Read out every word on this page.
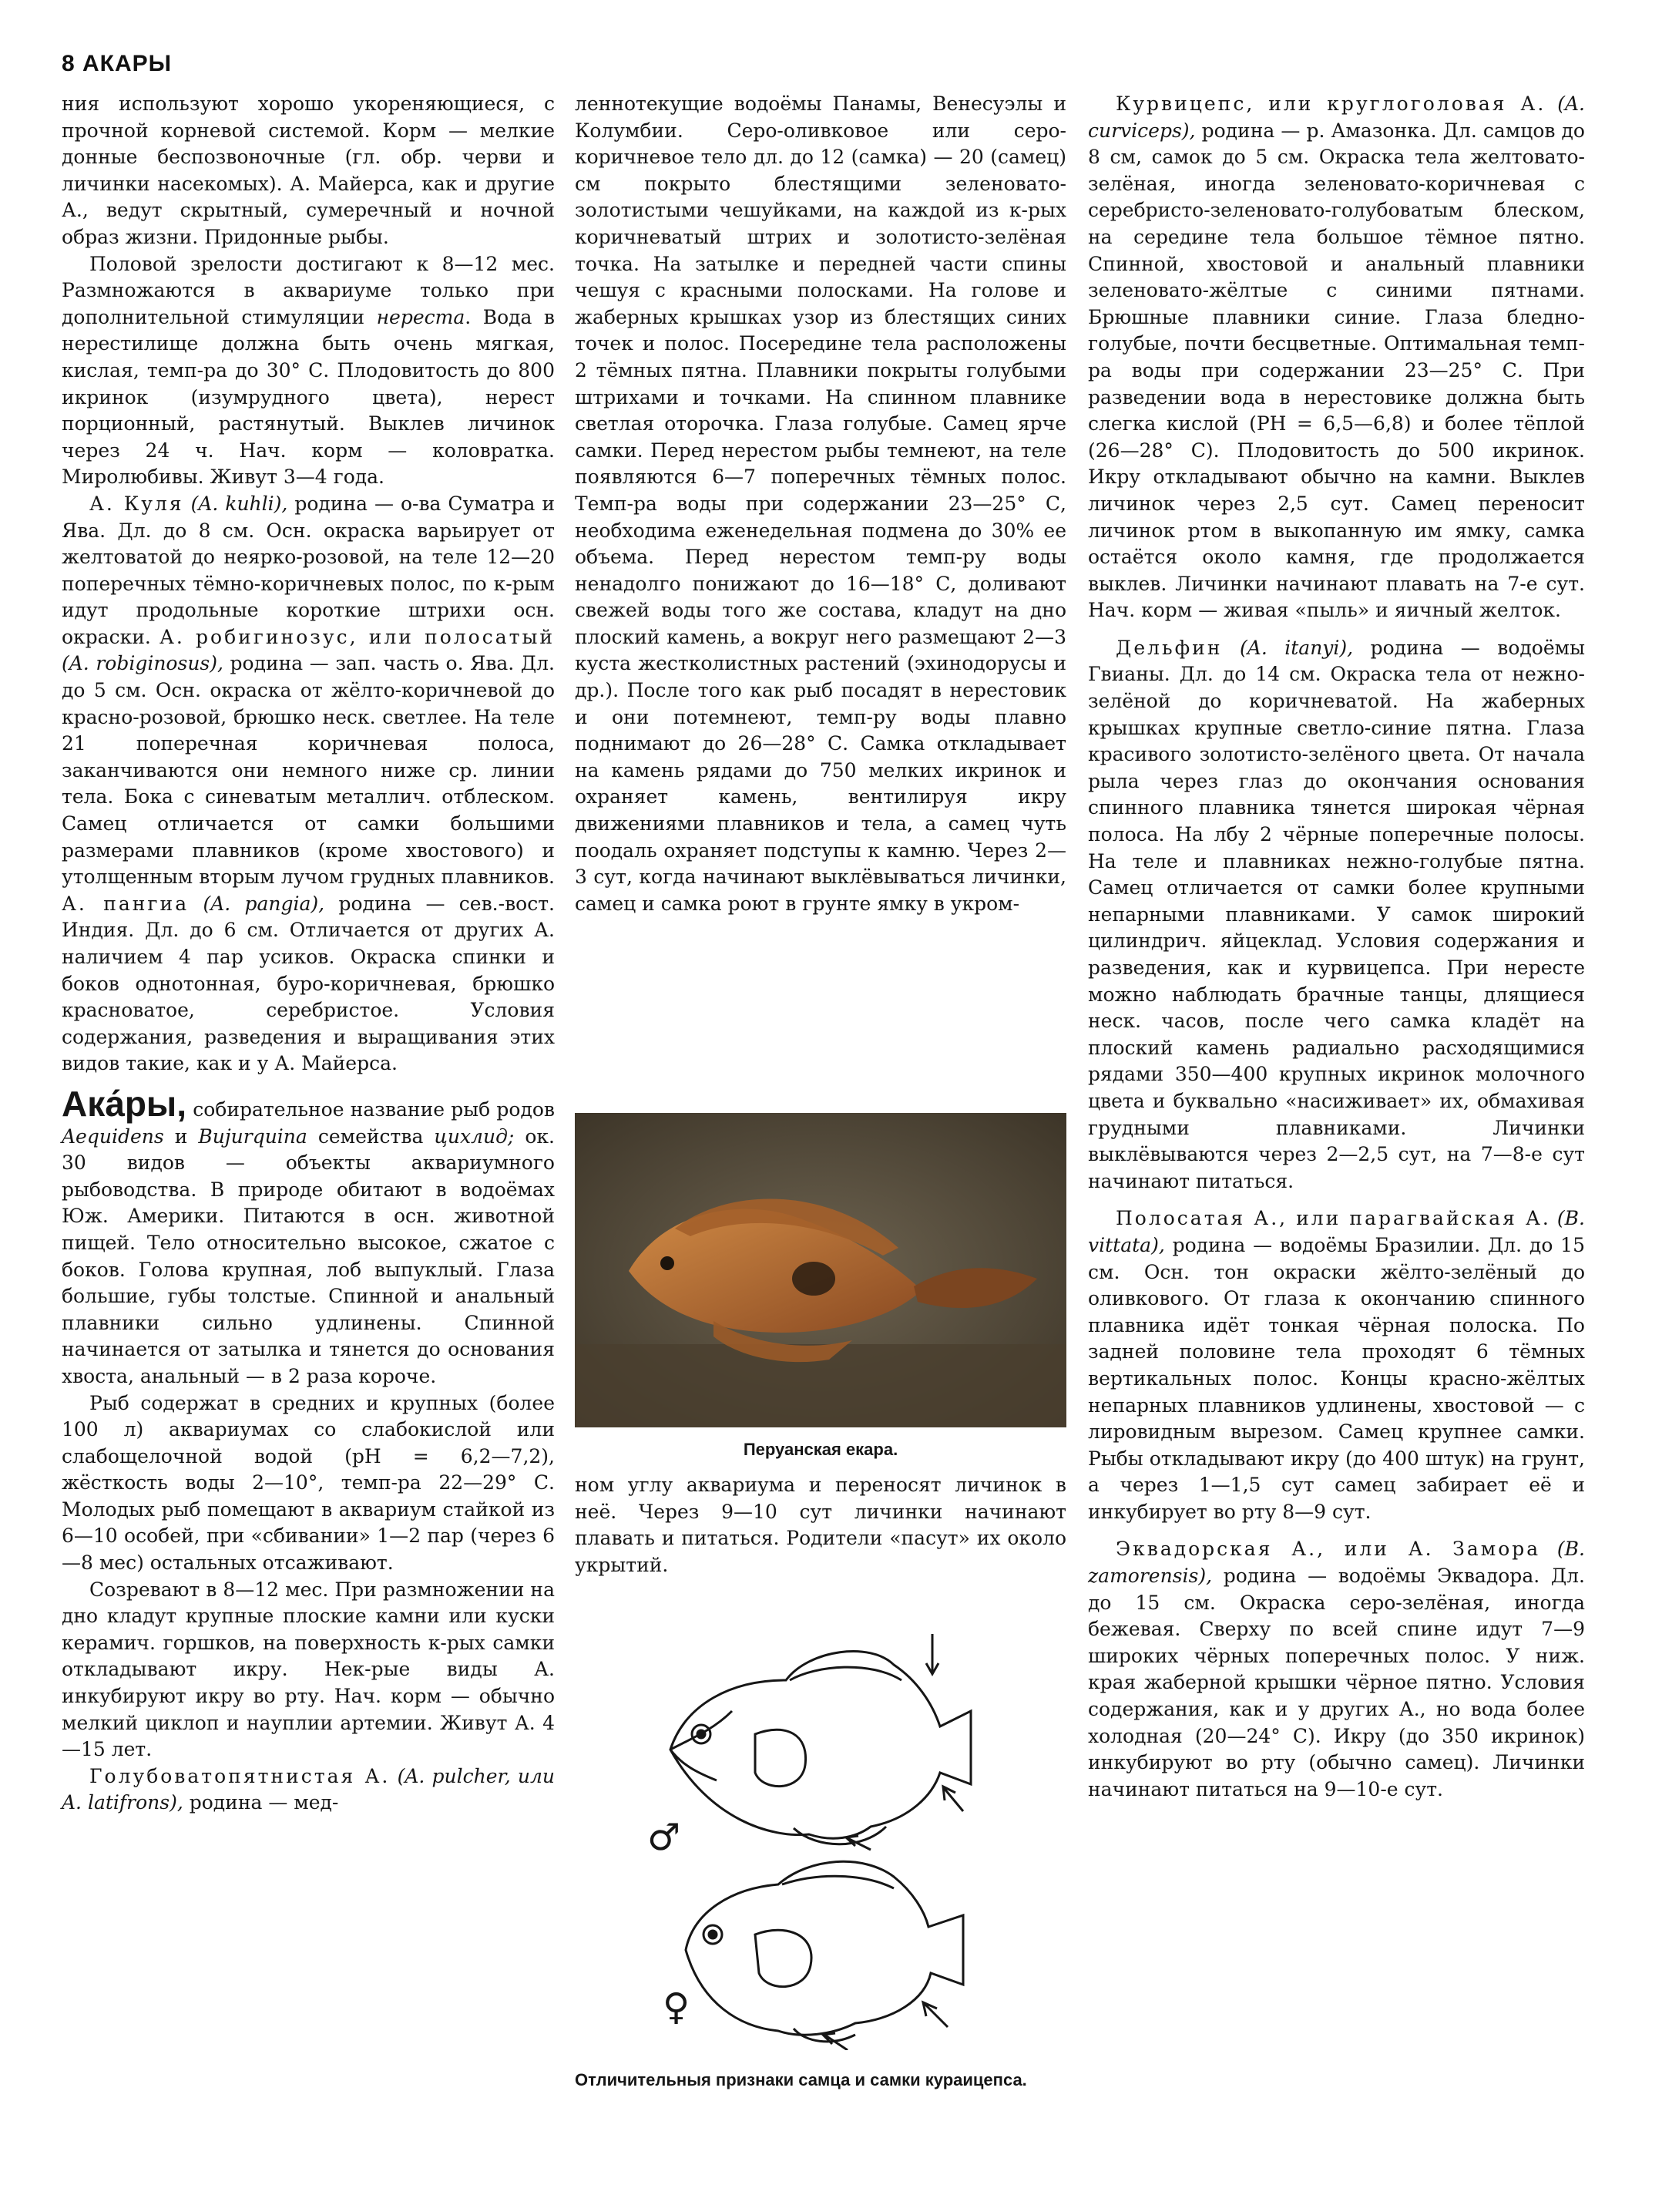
8 АКАРЫ

ния используют хорошо укореняющиеся, с прочной корневой системой. Корм — мелкие донные беспозвоночные (гл. обр. черви и личинки насекомых). А. Майерса, как и другие А., ведут скрытный, сумеречный и ночной образ жизни. Придонные рыбы.

Половой зрелости достигают к 8—12 мес. Размножаются в аквариуме только при дополнительной стимуляции нереста. Вода в нерестилище должна быть очень мягкая, кислая, темп-ра до 30° С. Плодовитость до 800 икринок (изумрудного цвета), нерест порционный, растянутый. Выклев личинок через 24 ч. Нач. корм — коловратка. Миролюбивы. Живут 3—4 года.

А. Куля (A. kuhli), родина — о-ва Суматра и Ява. Дл. до 8 см. Осн. окраска варьирует от желтоватой до неярко-розовой, на теле 12—20 поперечных тёмно-коричневых полос, по к-рым идут продольные короткие штрихи осн. окраски. А. робигинозус, или полосатый (A. robiginosus), родина — зап. часть о. Ява. Дл. до 5 см. Осн. окраска от жёлто-коричневой до красно-розовой, брюшко неск. светлее. На теле 21 поперечная коричневая полоса, заканчиваются они немного ниже ср. линии тела. Бока с синеватым металлич. отблеском. Самец отличается от самки большими размерами плавников (кроме хвостового) и утолщенным вторым лучом грудных плавников. А. пангиа (A. pangia), родина — сев.-вост. Индия. Дл. до 6 см. Отличается от других А. наличием 4 пар усиков. Окраска спинки и боков однотонная, буро-коричневая, брюшко красноватое, серебристое. Условия содержания, разведения и выращивания этих видов такие, как и у А. Майерса.

Ака́ры, собирательное название рыб родов Aequidens и Bujurquina семейства цихлид; ок. 30 видов — объекты аквариумного рыбоводства. В природе обитают в водоёмах Юж. Америки. Питаются в осн. животной пищей. Тело относительно высокое, сжатое с боков. Голова крупная, лоб выпуклый. Глаза большие, губы толстые. Спинной и анальный плавники сильно удлинены. Спинной начинается от затылка и тянется до основания хвоста, анальный — в 2 раза короче.

Рыб содержат в средних и крупных (более 100 л) аквариумах со слабокислой или слабощелочной водой (pH = 6,2—7,2), жёсткость воды 2—10°, темп-ра 22—29° С. Молодых рыб помещают в аквариум стайкой из 6—10 особей, при «сбивании» 1—2 пар (через 6—8 мес) остальных отсаживают.

Созревают в 8—12 мес. При размножении на дно кладут крупные плоские камни или куски керамич. горшков, на поверхность к-рых самки откладывают икру. Нек-рые виды А. инкубируют икру во рту. Нач. корм — обычно мелкий циклоп и науплии артемии. Живут А. 4—15 лет.

Голубоватопятнистая А. (A. pulcher, или A. latifrons), родина — мед-

леннотекущие водоёмы Панамы, Венесуэлы и Колумбии. Серо-оливковое или серо-коричневое тело дл. до 12 (самка) — 20 (самец) см покрыто блестящими зеленовато-золотистыми чешуйками, на каждой из к-рых коричневатый штрих и золотисто-зелёная точка. На затылке и передней части спины чешуя с красными полосками. На голове и жаберных крышках узор из блестящих синих точек и полос. Посередине тела расположены 2 тёмных пятна. Плавники покрыты голубыми штрихами и точками. На спинном плавнике светлая оторочка. Глаза голубые. Самец ярче самки. Перед нерестом рыбы темнеют, на теле появляются 6—7 поперечных тёмных полос. Темп-ра воды при содержании 23—25° С, необходима еженедельная подмена до 30% ее объема. Перед нерестом темп-ру воды ненадолго понижают до 16—18° С, доливают свежей воды того же состава, кладут на дно плоский камень, а вокруг него размещают 2—3 куста жестколистных растений (эхинодорусы и др.). После того как рыб посадят в нерестовик и они потемнеют, темп-ру воды плавно поднимают до 26—28° С. Самка откладывает на камень рядами до 750 мелких икринок и охраняет камень, вентилируя икру движениями плавников и тела, а самец чуть поодаль охраняет подступы к камню. Через 2—3 сут, когда начинают выклёвываться личинки, самец и самка роют в грунте ямку в укром-

Перуанская екара.

ном углу аквариума и переносят личинок в неё. Через 9—10 сут личинки начинают плавать и питаться. Родители «пасут» их около укрытий.

♂
♀
Отличительныя признаки самца и самки кураицепса.

Курвицепс, или круглоголовая А. (A. curviceps), родина — р. Амазонка. Дл. самцов до 8 см, самок до 5 см. Окраска тела желтовато-зелёная, иногда зеленовато-коричневая с серебристо-зеленовато-голубоватым блеском, на середине тела большое тёмное пятно. Спинной, хвостовой и анальный плавники зеленовато-жёлтые с синими пятнами. Брюшные плавники синие. Глаза бледно-голубые, почти бесцветные. Оптимальная темп-ра воды при содержании 23—25° С. При разведении вода в нерестовике должна быть слегка кислой (PH = 6,5—6,8) и более тёплой (26—28° С). Плодовитость до 500 икринок. Икру откладывают обычно на камни. Выклев личинок через 2,5 сут. Самец переносит личинок ртом в выкопанную им ямку, самка остаётся около камня, где продолжается выклев. Личинки начинают плавать на 7-е сут. Нач. корм — живая «пыль» и яичный желток.

Дельфин (A. itanyi), родина — водоёмы Гвианы. Дл. до 14 см. Окраска тела от нежно-зелёной до коричневатой. На жаберных крышках крупные светло-синие пятна. Глаза красивого золотисто-зелёного цвета. От начала рыла через глаз до окончания основания спинного плавника тянется широкая чёрная полоса. На лбу 2 чёрные поперечные полосы. На теле и плавниках нежно-голубые пятна. Самец отличается от самки более крупными непарными плавниками. У самок широкий цилиндрич. яйцеклад. Условия содержания и разведения, как и курвицепса. При нересте можно наблюдать брачные танцы, длящиеся неск. часов, после чего самка кладёт на плоский камень радиально расходящимися рядами 350—400 крупных икринок молочного цвета и буквально «насиживает» их, обмахивая грудными плавниками. Личинки выклёвываются через 2—2,5 сут, на 7—8-е сут начинают питаться.

Полосатая А., или парагвайская А. (B. vittata), родина — водоёмы Бразилии. Дл. до 15 см. Осн. тон окраски жёлто-зелёный до оливкового. От глаза к окончанию спинного плавника идёт тонкая чёрная полоска. По задней половине тела проходят 6 тёмных вертикальных полос. Концы красно-жёлтых непарных плавников удлинены, хвостовой — с лировидным вырезом. Самец крупнее самки. Рыбы откладывают икру (до 400 штук) на грунт, а через 1—1,5 сут самец забирает её и инкубирует во рту 8—9 сут.

Эквадорская А., или А. Замора (B. zamorensis), родина — водоёмы Эквадора. Дл. до 15 см. Окраска серо-зелёная, иногда бежевая. Сверху по всей спине идут 7—9 широких чёрных поперечных полос. У ниж. края жаберной крышки чёрное пятно. Условия содержания, как и у других А., но вода более холодная (20—24° С). Икру (до 350 икринок) инкубируют во рту (обычно самец). Личинки начинают питаться на 9—10-е сут.
